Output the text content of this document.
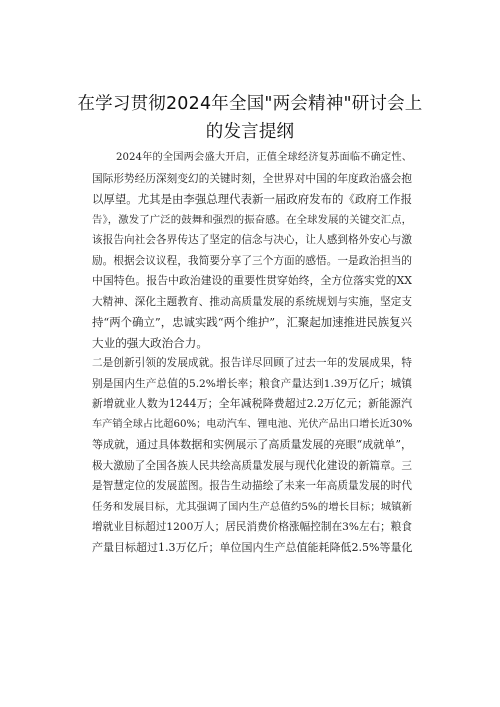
在学习贯彻2024年全国"两会精神"研讨会上
的发言提纲
2024年的全国两会盛大开启，正值全球经济复苏面临不确定性、
国际形势经历深刻变幻的关键时刻，全世界对中国的年度政治盛会抱
以厚望。尤其是由李强总理代表新一届政府发布的《政府工作报
告》，激发了广泛的鼓舞和强烈的振奋感。在全球发展的关键交汇点，
该报告向社会各界传达了坚定的信念与决心，让人感到格外安心与激
励。根据会议议程，我简要分享了三个方面的感悟。一是政治担当的
中国特色。报告中政治建设的重要性贯穿始终，全方位落实党的XX
大精神、深化主题教育、推动高质量发展的系统规划与实施，坚定支
持“两个确立”，忠诚实践“两个维护”，汇聚起加速推进民族复兴
大业的强大政治合力。
二是创新引领的发展成就。报告详尽回顾了过去一年的发展成果，特
别是国内生产总值的5.2%增长率；粮食产量达到1.39万亿斤；城镇
新增就业人数为1244万；全年减税降费超过2.2万亿元；新能源汽
车产销全球占比超60%；电动汽车、锂电池、光伏产品出口增长近30%
等成就，通过具体数据和实例展示了高质量发展的亮眼“成就单”，
极大激励了全国各族人民共绘高质量发展与现代化建设的新篇章。三
是智慧定位的发展蓝图。报告生动描绘了未来一年高质量发展的时代
任务和发展目标，尤其强调了国内生产总值约5%的增长目标；城镇新
增就业目标超过1200万人；居民消费价格涨幅控制在3%左右；粮食
产量目标超过1.3万亿斤；单位国内生产总值能耗降低2.5%等量化
